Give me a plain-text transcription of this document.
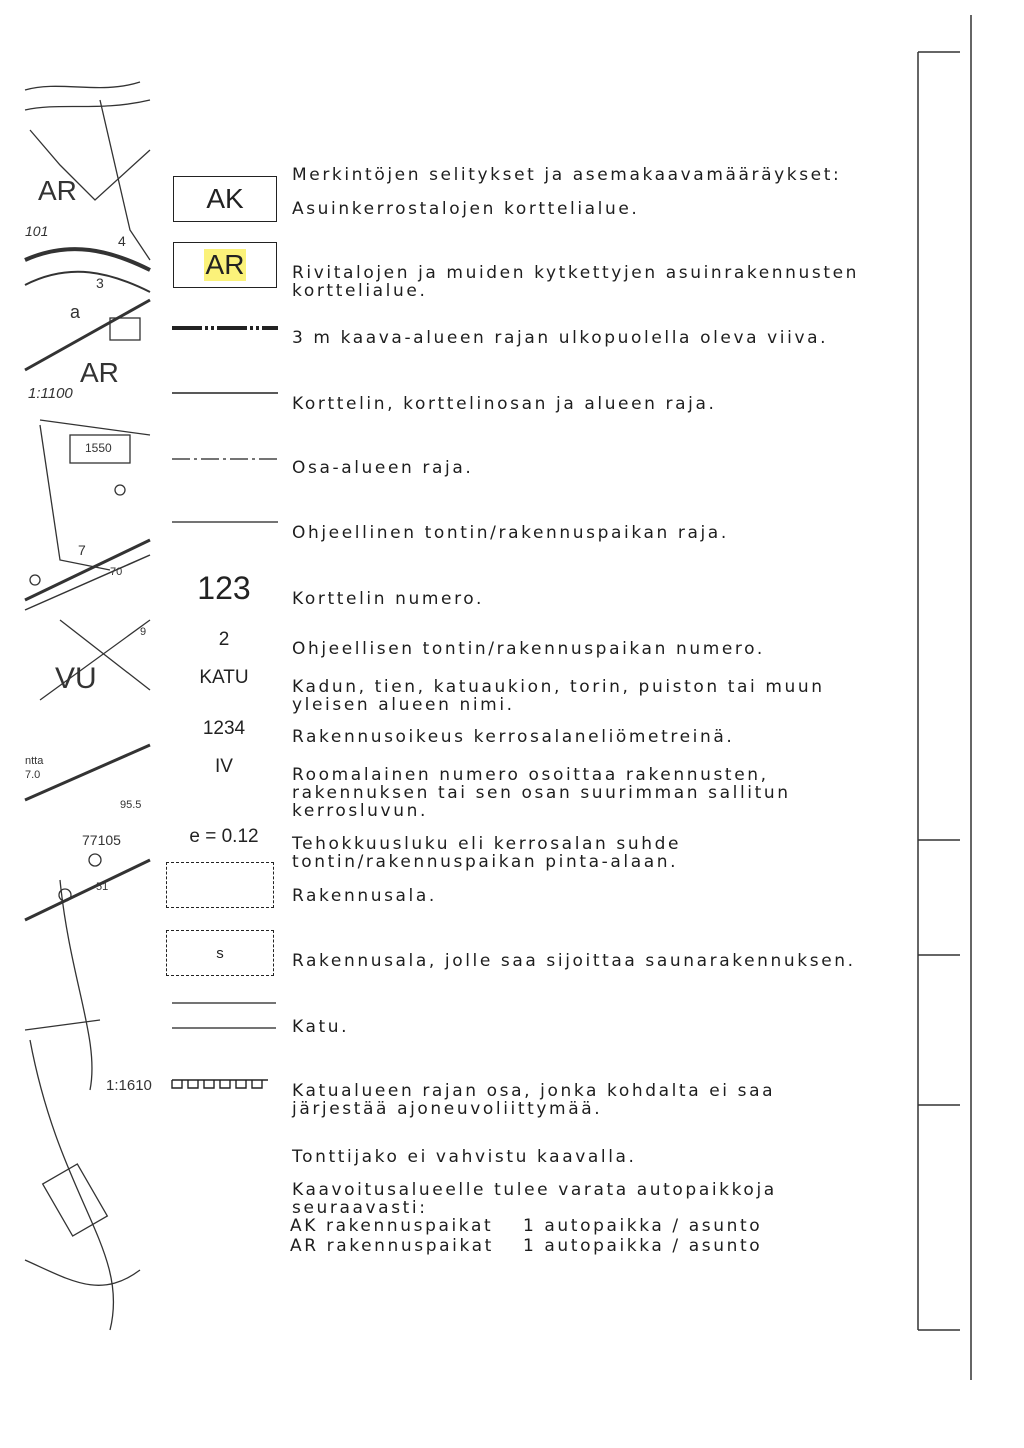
AR
AR
VU
a
1:1100
1:1610
ntta
7.0
101
77105
95.5
1550
3
4
7
51
70
9
Merkintöjen selitykset ja asemakaavamääräykset:
AK	Asuinkerrostalojen korttelialue.
AR	Rivitalojen ja muiden kytkettyjen asuinrakennusten
korttelialue.
3 m kaava-alueen rajan ulkopuolella oleva viiva.
Korttelin, korttelinosan ja alueen raja.
Osa-alueen raja.
Ohjeellinen tontin/rakennuspaikan raja.
123	Korttelin numero.
2	Ohjeellisen tontin/rakennuspaikan numero.
KATU	Kadun, tien, katuaukion, torin, puiston tai muun
yleisen alueen nimi.
1234	Rakennusoikeus kerrosalaneliömetreinä.
IV	Roomalainen numero osoittaa rakennusten,
rakennuksen tai sen osan suurimman sallitun
kerrosluvun.
e = 0.12	Tehokkuusluku eli kerrosalan suhde
tontin/rakennuspaikan pinta-alaan.
Rakennusala.
s	Rakennusala, jolle saa sijoittaa saunarakennuksen.
Katu.
Katualueen rajan osa, jonka kohdalta ei saa
järjestää ajoneuvoliittymää.
Tonttijako ei vahvistu kaavalla.
Kaavoitusalueelle tulee varata autopaikkoja
seuraavasti:
AK rakennuspaikat 1 autopaikka / asunto
AR rakennuspaikat 1 autopaikka / asunto
